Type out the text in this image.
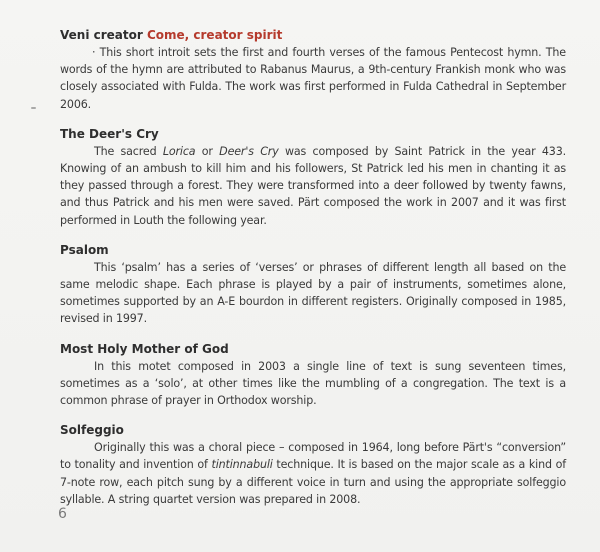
Veni creator Come, creator spirit
· This short introit sets the first and fourth verses of the famous Pentecost hymn. The words of the hymn are attributed to Rabanus Maurus, a 9th-century Frankish monk who was closely associated with Fulda. The work was first performed in Fulda Cathedral in September 2006.
The Deer's Cry
The sacred Lorica or Deer's Cry was composed by Saint Patrick in the year 433. Knowing of an ambush to kill him and his followers, St Patrick led his men in chanting it as they passed through a forest. They were transformed into a deer followed by twenty fawns, and thus Patrick and his men were saved. Pärt composed the work in 2007 and it was first performed in Louth the following year.
Psalom
This ‘psalm’ has a series of ‘verses’ or phrases of different length all based on the same melodic shape. Each phrase is played by a pair of instruments, sometimes alone, sometimes supported by an A-E bourdon in different registers. Originally composed in 1985, revised in 1997.
Most Holy Mother of God
In this motet composed in 2003 a single line of text is sung seventeen times, sometimes as a ‘solo’, at other times like the mumbling of a congregation. The text is a common phrase of prayer in Orthodox worship.
Solfeggio
Originally this was a choral piece – composed in 1964, long before Pärt's “conversion” to tonality and invention of tintinnabuli technique. It is based on the major scale as a kind of 7-note row, each pitch sung by a different voice in turn and using the appropriate solfeggio syllable. A string quartet version was prepared in 2008.
6
